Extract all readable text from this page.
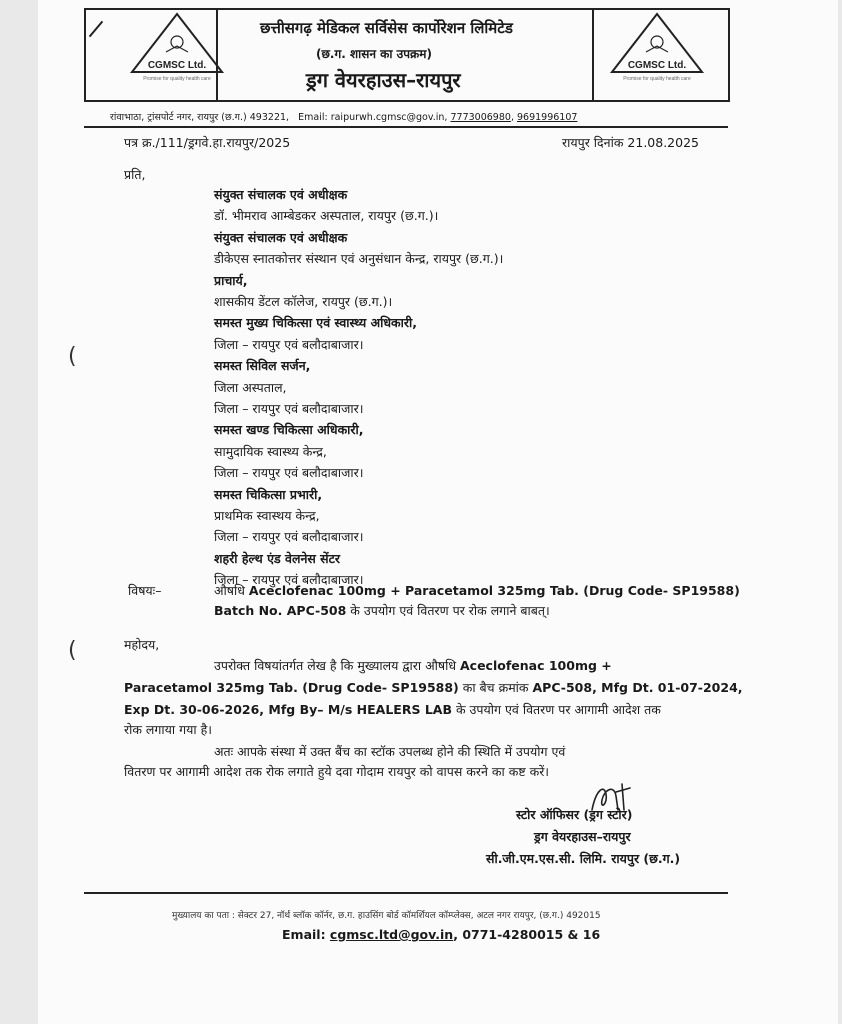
CGMSC Ltd.
Promise for quality health care
CGMSC Ltd.
Promise for quality health care
छत्तीसगढ़ मेडिकल सर्विसेस कार्पोरेशन लिमिटेड
(छ.ग. शासन का उपक्रम)
ड्रग वेयरहाउस–रायपुर
रांवाभाठा, ट्रांसपोर्ट नगर, रायपुर (छ.ग.) 493221, Email: raipurwh.cgmsc@gov.in, 7773006980, 9691996107
पत्र क्र./111/ड्रगवे.हा.रायपुर/2025	रायपुर दिनांक 21.08.2025
प्रति,
संयुक्त संचालक एवं अधीक्षक
डॉ. भीमराव आम्बेडकर अस्पताल, रायपुर (छ.ग.)।
संयुक्त संचालक एवं अधीक्षक
डीकेएस स्नातकोत्तर संस्थान एवं अनुसंधान केन्द्र, रायपुर (छ.ग.)।
प्राचार्य,
शासकीय डेंटल कॉलेज, रायपुर (छ.ग.)।
समस्त मुख्य चिकित्सा एवं स्वास्थ्य अधिकारी,
जिला – रायपुर एवं बलौदाबाजार।
समस्त सिविल सर्जन,
जिला अस्पताल,
जिला – रायपुर एवं बलौदाबाजार।
समस्त खण्ड चिकित्सा अधिकारी,
सामुदायिक स्वास्थ्य केन्द्र,
जिला – रायपुर एवं बलौदाबाजार।
समस्त चिकित्सा प्रभारी,
प्राथमिक स्वास्थय केन्द्र,
जिला – रायपुर एवं बलौदाबाजार।
शहरी हेल्थ एंड वेलनेस सेंटर
जिला – रायपुर एवं बलौदाबाजार।
(
(
विषयः–	औषधि Aceclofenac 100mg + Paracetamol 325mg Tab. (Drug Code- SP19588)
Batch No. APC-508 के उपयोग एवं वितरण पर रोक लगाने बाबत्।
महोदय,
उपरोक्त विषयांतर्गत लेख है कि मुख्यालय द्वारा औषधि Aceclofenac 100mg +
Paracetamol 325mg Tab. (Drug Code- SP19588) का बैच क्रमांक APC-508, Mfg Dt. 01-07-2024,
Exp Dt. 30-06-2026, Mfg By– M/s HEALERS LAB के उपयोग एवं वितरण पर आगामी आदेश तक
रोक लगाया गया है।
अतः आपके संस्था में उक्त बैंच का स्टॉक उपलब्ध होने की स्थिति में उपयोग एवं
वितरण पर आगामी आदेश तक रोक लगाते हुये दवा गोदाम रायपुर को वापस करने का कष्ट करें।
स्टोर ऑफिसर (ड्रग स्टोर)
ड्रग वेयरहाउस–रायपुर
सी.जी.एम.एस.सी. लिमि. रायपुर (छ.ग.)
मुख्यालय का पता : सेक्टर 27, नॉर्थ ब्लॉक कॉर्नर, छ.ग. हाउसिंग बोर्ड कॉमर्शियल कॉम्प्लेक्स, अटल नगर रायपुर, (छ.ग.) 492015
Email: cgmsc.ltd@gov.in, 0771-4280015 & 16
